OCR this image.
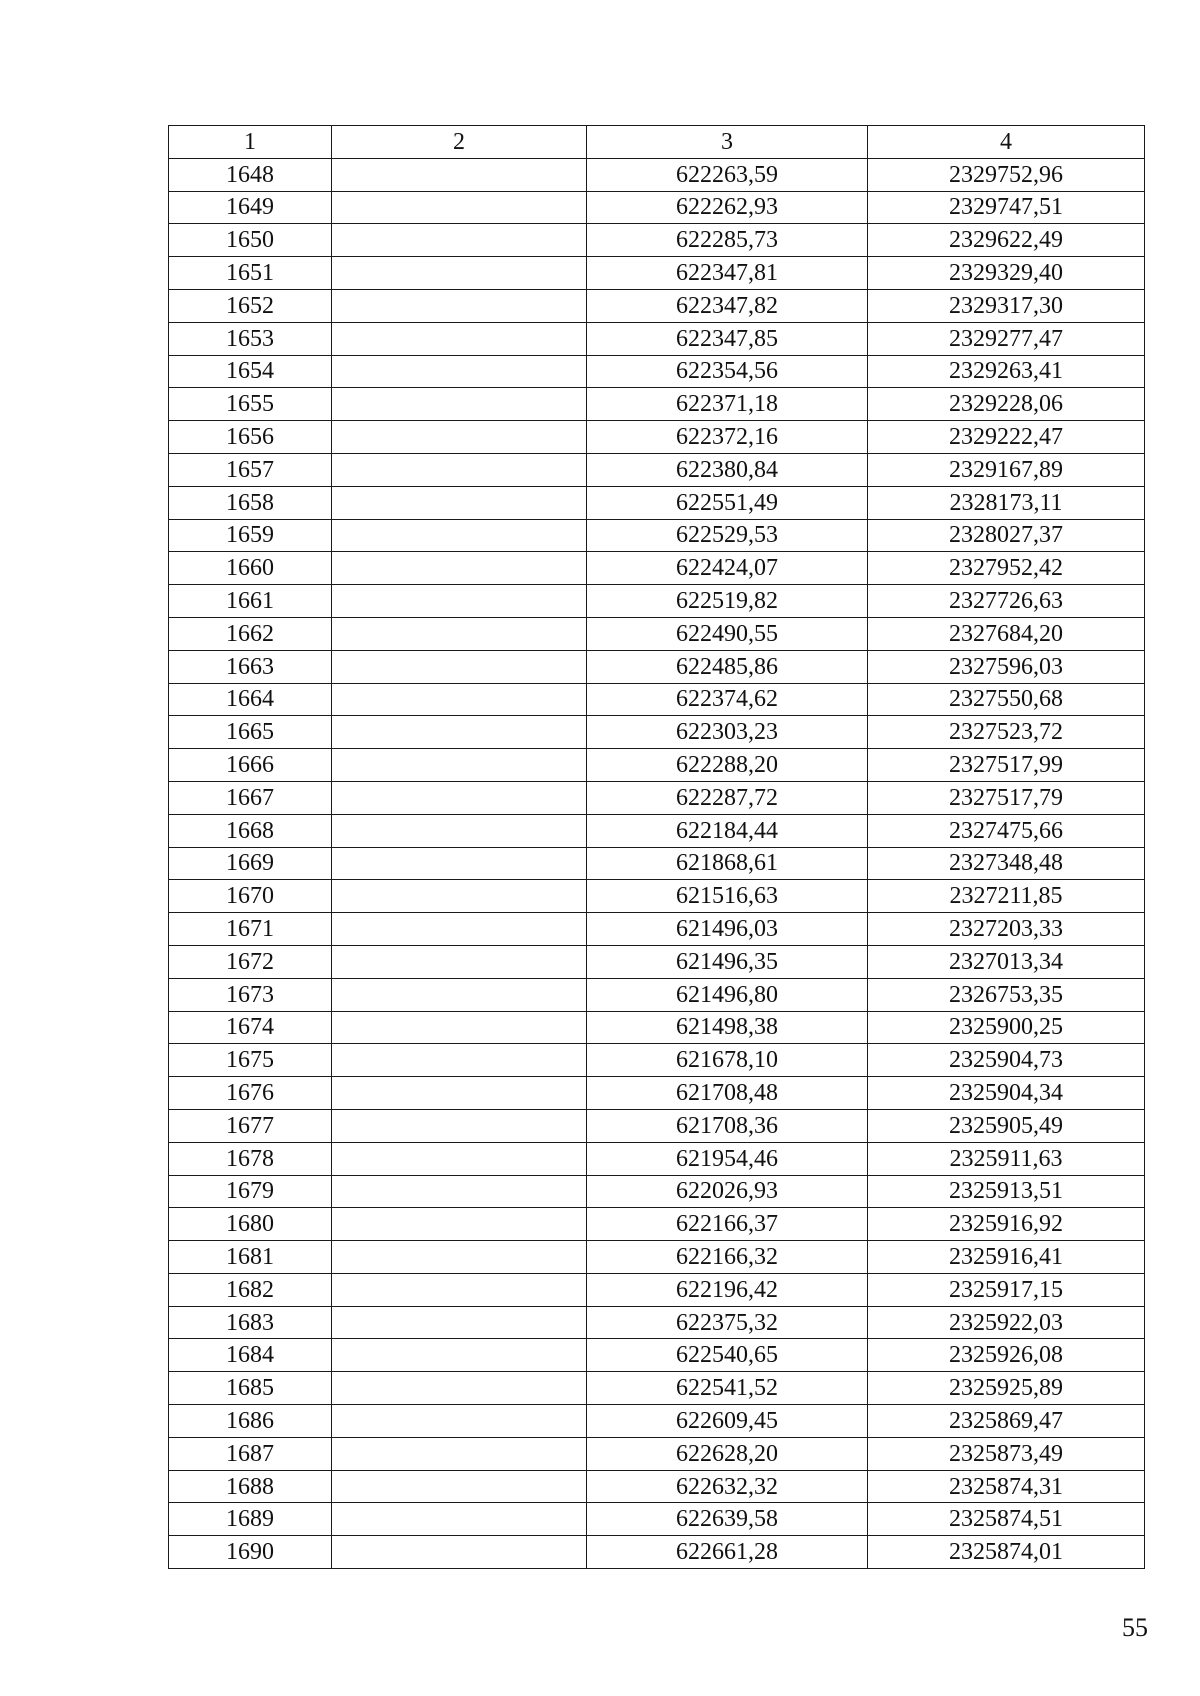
1	2	3	4
1648		622263,59	2329752,96
1649		622262,93	2329747,51
1650		622285,73	2329622,49
1651		622347,81	2329329,40
1652		622347,82	2329317,30
1653		622347,85	2329277,47
1654		622354,56	2329263,41
1655		622371,18	2329228,06
1656		622372,16	2329222,47
1657		622380,84	2329167,89
1658		622551,49	2328173,11
1659		622529,53	2328027,37
1660		622424,07	2327952,42
1661		622519,82	2327726,63
1662		622490,55	2327684,20
1663		622485,86	2327596,03
1664		622374,62	2327550,68
1665		622303,23	2327523,72
1666		622288,20	2327517,99
1667		622287,72	2327517,79
1668		622184,44	2327475,66
1669		621868,61	2327348,48
1670		621516,63	2327211,85
1671		621496,03	2327203,33
1672		621496,35	2327013,34
1673		621496,80	2326753,35
1674		621498,38	2325900,25
1675		621678,10	2325904,73
1676		621708,48	2325904,34
1677		621708,36	2325905,49
1678		621954,46	2325911,63
1679		622026,93	2325913,51
1680		622166,37	2325916,92
1681		622166,32	2325916,41
1682		622196,42	2325917,15
1683		622375,32	2325922,03
1684		622540,65	2325926,08
1685		622541,52	2325925,89
1686		622609,45	2325869,47
1687		622628,20	2325873,49
1688		622632,32	2325874,31
1689		622639,58	2325874,51
1690		622661,28	2325874,01
55
